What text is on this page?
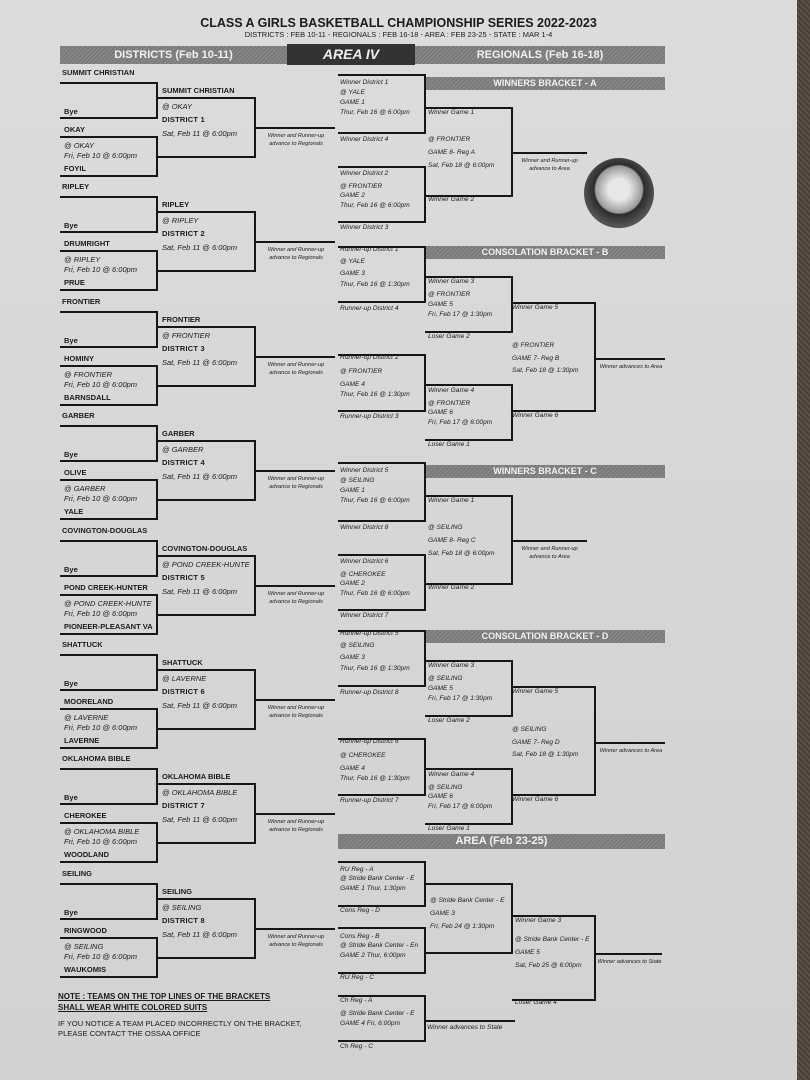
CLASS A GIRLS BASKETBALL CHAMPIONSHIP SERIES 2022-2023
DISTRICTS : FEB 10-11 - REGIONALS : FEB 16-18 - AREA : FEB 23-25 - STATE : MAR 1-4
DISTRICTS (Feb 10-11)	AREA IV	REGIONALS (Feb 16-18)
NOTE : TEAMS ON THE TOP LINES OF THE BRACKETS
SHALL WEAR WHITE COLORED SUITS
IF YOU NOTICE A TEAM PLACED INCORRECTLY ON THE BRACKET,
PLEASE CONTACT THE OSSAA OFFICE
SUMMIT CHRISTIAN
Bye
SUMMIT CHRISTIAN
OKAY
@ OKAY
Fri, Feb 10 @ 6:00pm
FOYIL
@ OKAY
DISTRICT 1
Sat, Feb 11 @ 6:00pm	Winner and Runner-up advance to Regionals
RIPLEY
Bye
RIPLEY
DRUMRIGHT
@ RIPLEY
Fri, Feb 10 @ 6:00pm
PRUE
@ RIPLEY
DISTRICT 2
Sat, Feb 11 @ 6:00pm	Winner and Runner-up advance to Regionals
FRONTIER
Bye
FRONTIER
HOMINY
@ FRONTIER
Fri, Feb 10 @ 6:00pm
BARNSDALL
@ FRONTIER
DISTRICT 3
Sat, Feb 11 @ 6:00pm	Winner and Runner-up advance to Regionals
GARBER
Bye
GARBER
OLIVE
@ GARBER
Fri, Feb 10 @ 6:00pm
YALE
@ GARBER
DISTRICT 4
Sat, Feb 11 @ 6:00pm	Winner and Runner-up advance to Regionals
COVINGTON-DOUGLAS
Bye
COVINGTON-DOUGLAS
POND CREEK-HUNTER
@ POND CREEK-HUNTE
Fri, Feb 10 @ 6:00pm
PIONEER-PLEASANT VA
@ POND CREEK-HUNTE
DISTRICT 5
Sat, Feb 11 @ 6:00pm	Winner and Runner-up advance to Regionals
SHATTUCK
Bye
SHATTUCK
MOORELAND
@ LAVERNE
Fri, Feb 10 @ 6:00pm
LAVERNE
@ LAVERNE
DISTRICT 6
Sat, Feb 11 @ 6:00pm	Winner and Runner-up advance to Regionals
OKLAHOMA BIBLE
Bye
OKLAHOMA BIBLE
CHEROKEE
@ OKLAHOMA BIBLE
Fri, Feb 10 @ 6:00pm
WOODLAND
@ OKLAHOMA BIBLE
DISTRICT 7
Sat, Feb 11 @ 6:00pm	Winner and Runner-up advance to Regionals
SEILING
Bye
SEILING
RINGWOOD
@ SEILING
Fri, Feb 10 @ 6:00pm
WAUKOMIS
@ SEILING
DISTRICT 8
Sat, Feb 11 @ 6:00pm	Winner and Runner-up advance to Regionals
WINNERS BRACKET - A
Winner District 1
@ YALE
GAME 1
Thur, Feb 16 @ 6:00pm
Winner District 4
Winner District 2
@ FRONTIER
GAME 2
Thur, Feb 16 @ 6:00pm
Winner District 3
Winner Game 1
@ FRONTIER
GAME 8- Reg A
Sat, Feb 18 @ 6:00pm
Winner Game 2
Winner and Runner-up advance to Area
WINNERS BRACKET - C
Winner District 5
@ SEILING
GAME 1
Thur, Feb 16 @ 6:00pm
Winner District 8
Winner District 6
@ CHEROKEE
GAME 2
Thur, Feb 16 @ 6:00pm
Winner District 7
Winner Game 1
@ SEILING
GAME 8- Reg C
Sat, Feb 18 @ 6:00pm
Winner Game 2
Winner and Runner-up advance to Area
CONSOLATION BRACKET - B
Runner-up District 1
@ YALE
GAME 3
Thur, Feb 16 @ 1:30pm
Runner-up District 4
Runner-up District 2
@ FRONTIER
GAME 4
Thur, Feb 16 @ 1:30pm
Runner-up District 3
Winner Game 3
@ FRONTIER
GAME 5
Fri, Feb 17 @ 1:30pm
Loser Game 2
Winner Game 4
@ FRONTIER
GAME 6
Fri, Feb 17 @ 6:00pm
Loser Game 1
Winner Game 5
@ FRONTIER
GAME 7- Reg B
Sat, Feb 18 @ 1:30pm
Winner Game 6
Winner advances to Area
CONSOLATION BRACKET - D
Runner-up District 5
@ SEILING
GAME 3
Thur, Feb 16 @ 1:30pm
Runner-up District 8
Runner-up District 6
@ CHEROKEE
GAME 4
Thur, Feb 16 @ 1:30pm
Runner-up District 7
Winner Game 3
@ SEILING
GAME 5
Fri, Feb 17 @ 1:30pm
Loser Game 2
Winner Game 4
@ SEILING
GAME 6
Fri, Feb 17 @ 6:00pm
Loser Game 1
Winner Game 5
@ SEILING
GAME 7- Reg D
Sat, Feb 18 @ 1:30pm
Winner Game 6
Winner advances to Area
AREA (Feb 23-25)
RU Reg - A
@ Stride Bank Center - E
GAME 1 Thur, 1:30pm
Cons Reg - D
Cons Reg - B
@ Stride Bank Center - En
GAME 2 Thur, 6:00pm
RU Reg - C
@ Stride Bank Center - E
GAME 3
Fri, Feb 24 @ 1:30pm
Winner Game 3
@ Stride Bank Center - E
GAME 5
Sat, Feb 25 @ 6:00pm
Loser Game 4
Winner advances to State
Ch Reg - A
@ Stride Bank Center - E
GAME 4 Fri, 6:00pm
Ch Reg - C
Winner advances to State
